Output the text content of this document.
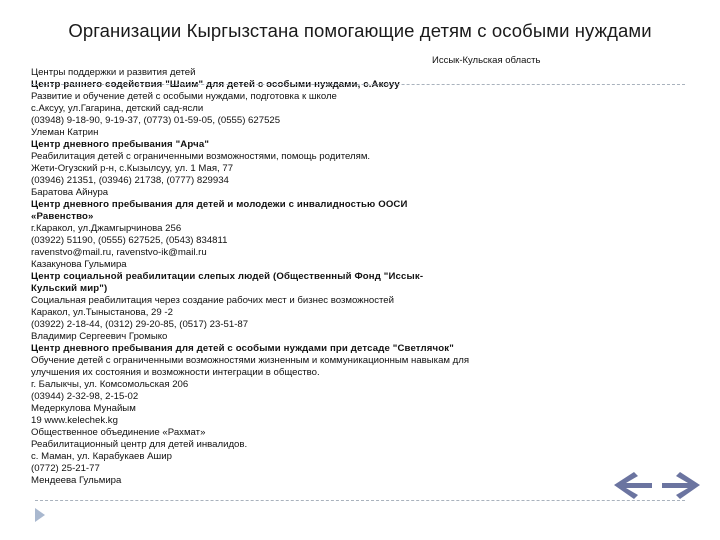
Организации Кыргызстана помогающие детям с особыми нуждами
Иссык-Кульская область
Центры поддержки и развития детей
Центр раннего содействия "Шаим" для детей с особыми нуждами, с.Аксуу
Развитие и обучение детей с особыми нуждами, подготовка к школе
с.Аксуу, ул.Гагарина, детский сад-ясли
(03948) 9-18-90, 9-19-37, (0773) 01-59-05, (0555) 627525
Улеман Катрин
Центр дневного пребывания "Арча"
Реабилитация детей с ограниченными возможностями, помощь родителям.
Жети-Огузский р-н, с.Кызылсуу, ул. 1 Мая, 77
(03946) 21351, (03946) 21738, (0777) 829934
Баратова Айнура
Центр дневного пребывания для детей и молодежи с инвалидностью ООСИ
«Равенство»
г.Каракол, ул.Джамгырчинова 256
(03922) 51190, (0555) 627525, (0543) 834811
ravenstvo@mail.ru, ravenstvo-ik@mail.ru
Казакунова Гульмира
Центр социальной реабилитации слепых людей (Общественный Фонд "Иссык-
Кульский мир")
Социальная реабилитация через создание рабочих мест и бизнес возможностей
Каракол, ул.Тыныстанова, 29 -2
(03922) 2-18-44, (0312) 29-20-85, (0517) 23-51-87
Владимир Сергеевич Громыко
Центр дневного пребывания для детей с особыми нуждами при детсаде "Светлячок"
Обучение детей с ограниченными возможностями жизненным и коммуникационным навыкам для
улучшения их состояния и возможности интеграции в общество.
г. Балыкчы, ул. Комсомольская 206
(03944) 2-32-98, 2-15-02
Медеркулова Мунайым
19 www.kelechek.kg
Общественное объединение «Рахмат»
Реабилитационный центр для детей инвалидов.
с. Маман, ул. Карабукаев Ашир
(0772) 25-21-77
Мендеева Гульмира
